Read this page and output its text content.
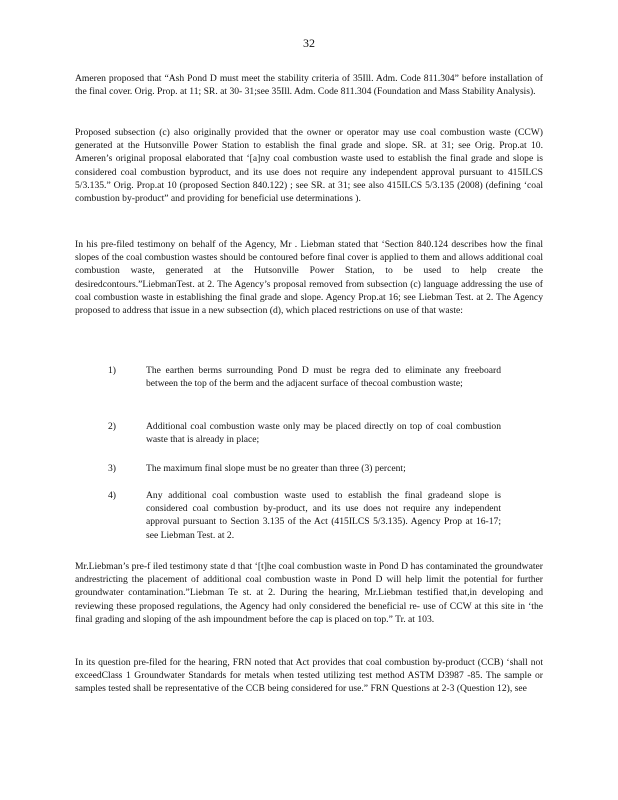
32

Ameren proposed that “Ash Pond D must meet the stability criteria of 35Ill. Adm. Code 811.304” before installation of the final cover. Orig. Prop. at 11; SR. at 30- 31;see 35Ill. Adm. Code 811.304 (Foundation and Mass Stability Analysis).

Proposed subsection (c) also originally provided that the owner or operator may use coal combustion waste (CCW) generated at the Hutsonville Power Station to establish the final grade and slope. SR. at 31; see Orig. Prop.at 10. Ameren’s original proposal elaborated that ‘[a]ny coal combustion waste used to establish the final grade and slope is considered coal combustion byproduct, and its use does not require any independent approval pursuant to 415ILCS 5/3.135.” Orig. Prop.at 10 (proposed Section 840.122) ; see SR. at 31; see also 415ILCS 5/3.135 (2008) (defining ‘coal combustion by-product” and providing for beneficial use determinations ).

In his pre-filed testimony on behalf of the Agency, Mr . Liebman stated that ‘Section 840.124 describes how the final slopes of the coal combustion wastes should be contoured before final cover is applied to them and allows additional coal combustion waste, generated at the Hutsonville Power Station, to be used to help create the desiredcontours.”LiebmanTest. at 2. The Agency’s proposal removed from subsection (c) language addressing the use of coal combustion waste in establishing the final grade and slope. Agency Prop.at 16; see Liebman Test. at 2. The Agency proposed to address that issue in a new subsection (d), which placed restrictions on use of that waste:

1)	The earthen berms surrounding Pond D must be regra ded to eliminate any freeboard between the top of the berm and the adjacent surface of thecoal combustion waste;
2)	Additional coal combustion waste only may be placed directly on top of coal combustion waste that is already in place;
3)	The maximum final slope must be no greater than three (3) percent;
4)	Any additional coal combustion waste used to establish the final gradeand slope is considered coal combustion by-product, and its use does not require any independent approval pursuant to Section 3.135 of the Act (415ILCS 5/3.135). Agency Prop at 16-17; see Liebman Test. at 2.

Mr.Liebman’s pre-f iled testimony state d that ‘[t]he coal combustion waste in Pond D has contaminated the groundwater andrestricting the placement of additional coal combustion waste in Pond D will help limit the potential for further groundwater contamination.”Liebman Te st. at 2. During the hearing, Mr.Liebman testified that,in developing and reviewing these proposed regulations, the Agency had only considered the beneficial re- use of CCW at this site in ‘the final grading and sloping of the ash impoundment before the cap is placed on top.” Tr. at 103.

In its question pre-filed for the hearing, FRN noted that Act provides that coal combustion by-product (CCB) ‘shall not exceedClass 1 Groundwater Standards for metals when tested utilizing test method ASTM D3987 -85. The sample or samples tested shall be representative of the CCB being considered for use.” FRN Questions at 2-3 (Question 12), see
